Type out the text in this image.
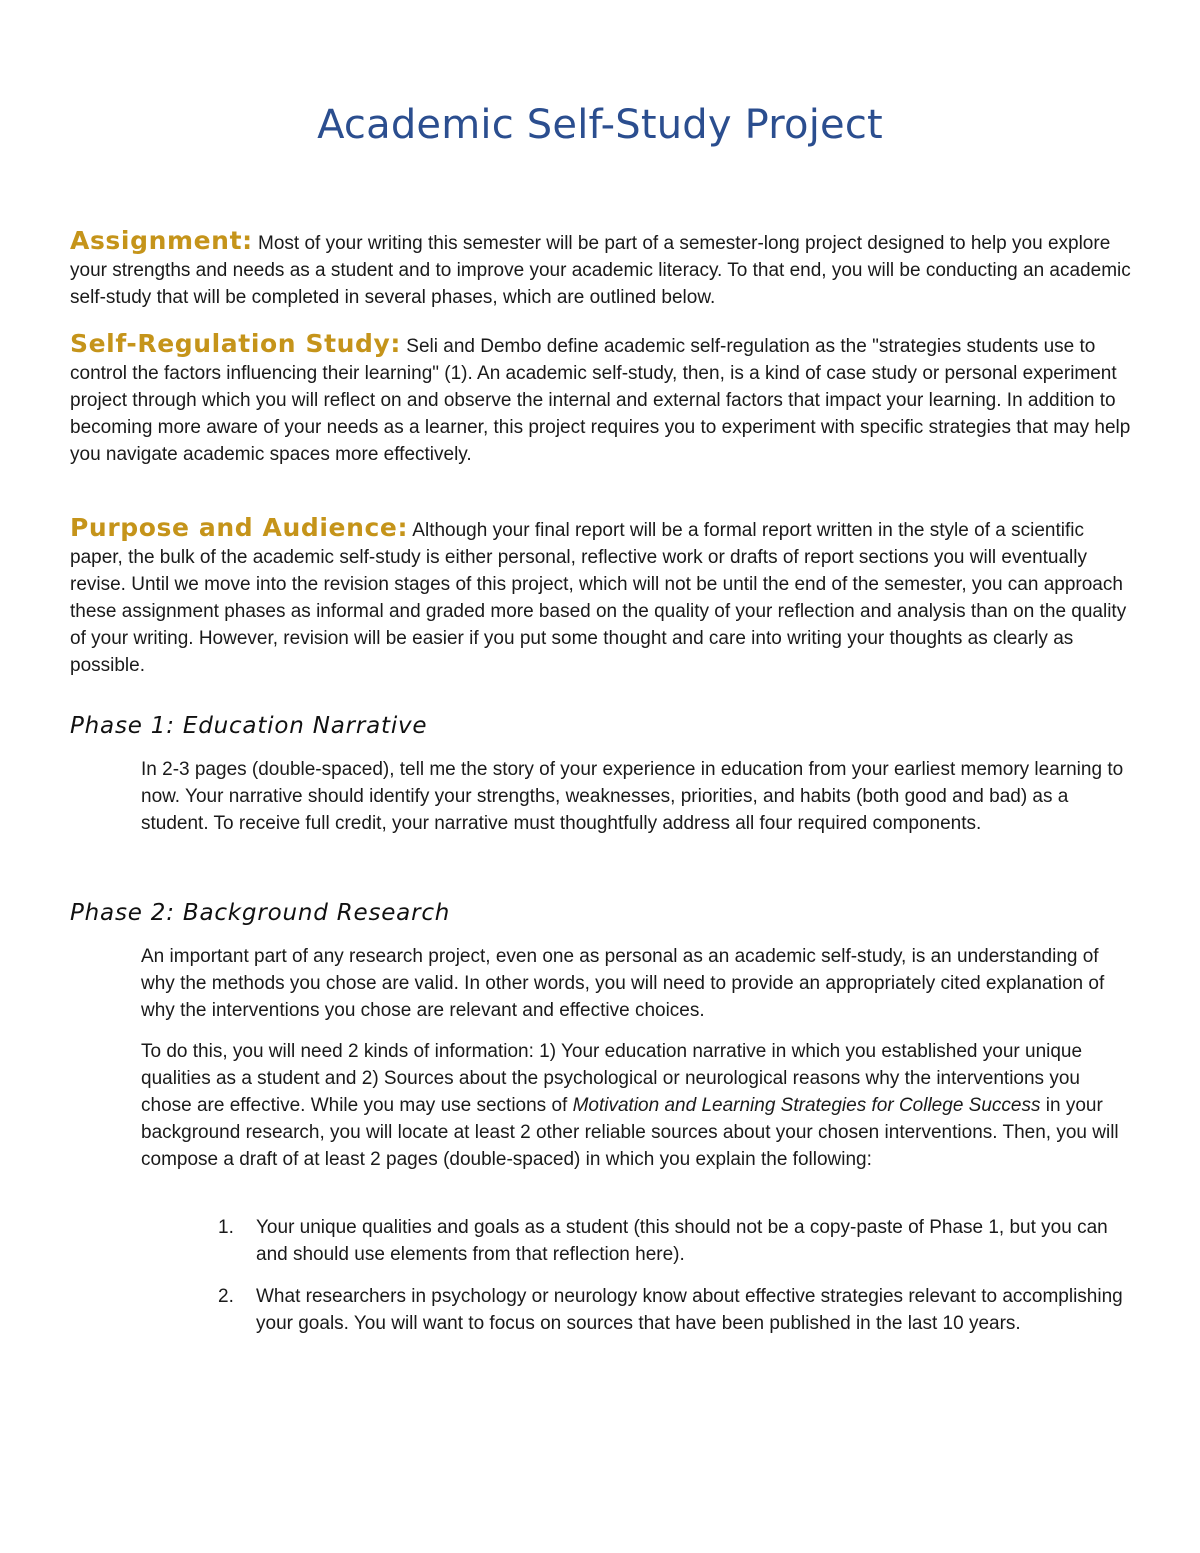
Academic Self-Study Project

Assignment: Most of your writing this semester will be part of a semester-long project designed to help you explore your strengths and needs as a student and to improve your academic literacy. To that end, you will be conducting an academic self-study that will be completed in several phases, which are outlined below.

Self-Regulation Study: Seli and Dembo define academic self-regulation as the "strategies students use to control the factors influencing their learning" (1). An academic self-study, then, is a kind of case study or personal experiment project through which you will reflect on and observe the internal and external factors that impact your learning. In addition to becoming more aware of your needs as a learner, this project requires you to experiment with specific strategies that may help you navigate academic spaces more effectively.

Purpose and Audience: Although your final report will be a formal report written in the style of a scientific paper, the bulk of the academic self-study is either personal, reflective work or drafts of report sections you will eventually revise. Until we move into the revision stages of this project, which will not be until the end of the semester, you can approach these assignment phases as informal and graded more based on the quality of your reflection and analysis than on the quality of your writing. However, revision will be easier if you put some thought and care into writing your thoughts as clearly as possible.

Phase 1: Education Narrative

In 2-3 pages (double-spaced), tell me the story of your experience in education from your earliest memory learning to now. Your narrative should identify your strengths, weaknesses, priorities, and habits (both good and bad) as a student. To receive full credit, your narrative must thoughtfully address all four required components.

Phase 2: Background Research

An important part of any research project, even one as personal as an academic self-study, is an understanding of why the methods you chose are valid. In other words, you will need to provide an appropriately cited explanation of why the interventions you chose are relevant and effective choices.

To do this, you will need 2 kinds of information: 1) Your education narrative in which you established your unique qualities as a student and 2) Sources about the psychological or neurological reasons why the interventions you chose are effective. While you may use sections of Motivation and Learning Strategies for College Success in your background research, you will locate at least 2 other reliable sources about your chosen interventions. Then, you will compose a draft of at least 2 pages (double-spaced) in which you explain the following:

1. Your unique qualities and goals as a student (this should not be a copy-paste of Phase 1, but you can and should use elements from that reflection here).
2. What researchers in psychology or neurology know about effective strategies relevant to accomplishing your goals. You will want to focus on sources that have been published in the last 10 years.
